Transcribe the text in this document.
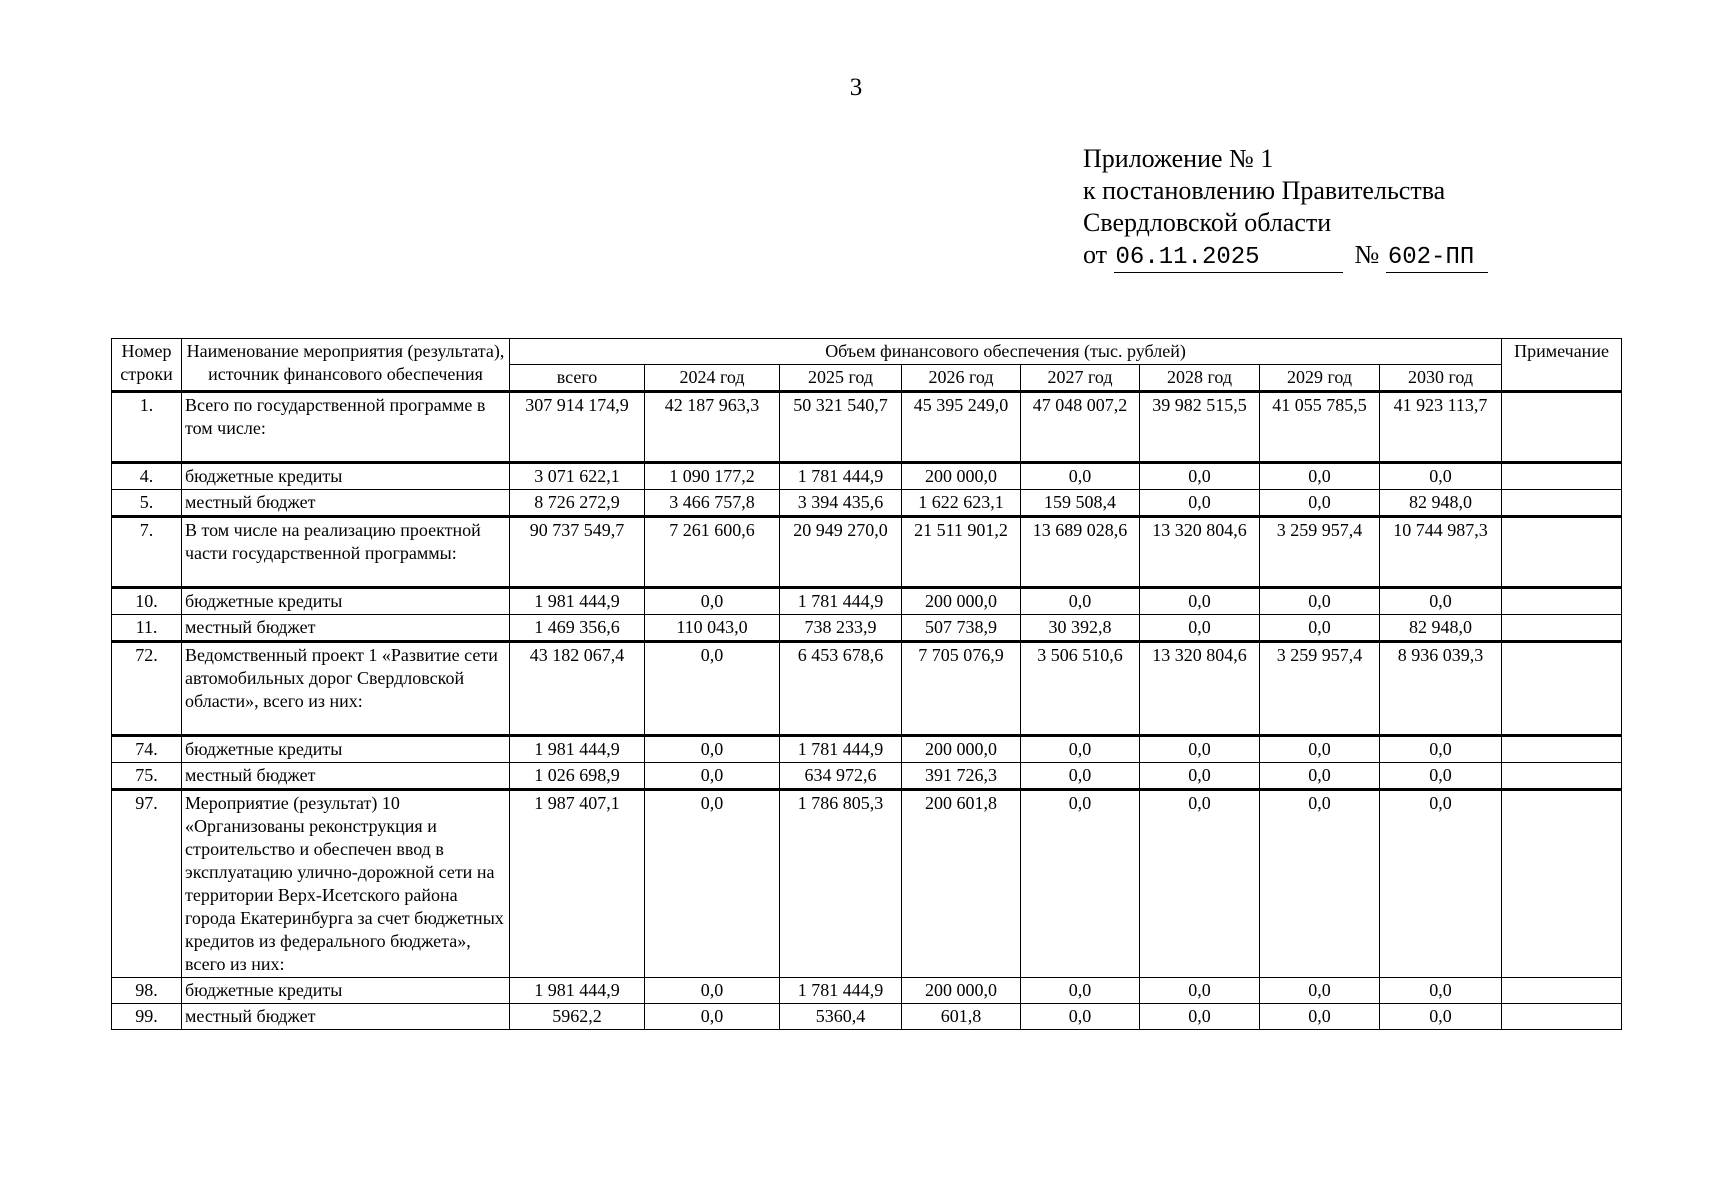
3
Приложение № 1
к постановлению Правительства
Свердловской области
от 06.11.2025	№ 602-ПП
Номер строки	Наименование мероприятия (результата), источник финансового обеспечения	Объем финансового обеспечения (тыс. рублей)								Примечание
		всего	2024 год	2025 год	2026 год	2027 год	2028 год	2029 год	2030 год	
1.	Всего по государственной программе в том числе:	307 914 174,9	42 187 963,3	50 321 540,7	45 395 249,0	47 048 007,2	39 982 515,5	41 055 785,5	41 923 113,7	
4.	бюджетные кредиты	3 071 622,1	1 090 177,2	1 781 444,9	200 000,0	0,0	0,0	0,0	0,0	
5.	местный бюджет	8 726 272,9	3 466 757,8	3 394 435,6	1 622 623,1	159 508,4	0,0	0,0	82 948,0	
7.	В том числе на реализацию проектной части государственной программы:	90 737 549,7	7 261 600,6	20 949 270,0	21 511 901,2	13 689 028,6	13 320 804,6	3 259 957,4	10 744 987,3	
10.	бюджетные кредиты	1 981 444,9	0,0	1 781 444,9	200 000,0	0,0	0,0	0,0	0,0	
11.	местный бюджет	1 469 356,6	110 043,0	738 233,9	507 738,9	30 392,8	0,0	0,0	82 948,0	
72.	Ведомственный проект 1 «Развитие сети автомобильных дорог Свердловской области», всего из них:	43 182 067,4	0,0	6 453 678,6	7 705 076,9	3 506 510,6	13 320 804,6	3 259 957,4	8 936 039,3	
74.	бюджетные кредиты	1 981 444,9	0,0	1 781 444,9	200 000,0	0,0	0,0	0,0	0,0	
75.	местный бюджет	1 026 698,9	0,0	634 972,6	391 726,3	0,0	0,0	0,0	0,0	
97.	Мероприятие (результат) 10 «Организованы реконструкция и строительство и обеспечен ввод в эксплуатацию улично-дорожной сети на территории Верх-Исетского района города Екатеринбурга за счет бюджетных кредитов из федерального бюджета», всего из них:	1 987 407,1	0,0	1 786 805,3	200 601,8	0,0	0,0	0,0	0,0	
98.	бюджетные кредиты	1 981 444,9	0,0	1 781 444,9	200 000,0	0,0	0,0	0,0	0,0	
99.	местный бюджет	5962,2	0,0	5360,4	601,8	0,0	0,0	0,0	0,0	
